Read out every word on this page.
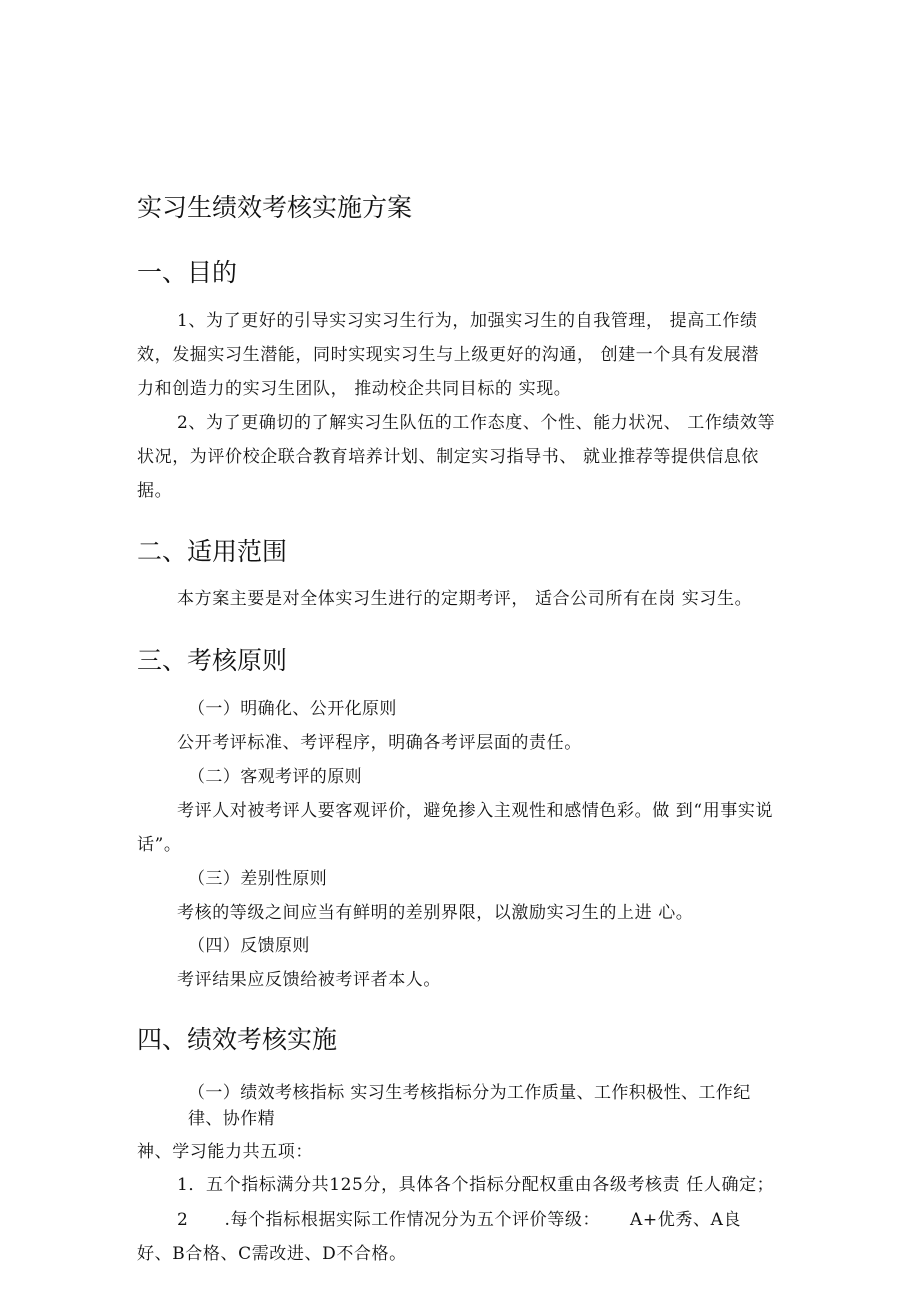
实习生绩效考核实施方案
一、目的
1、为了更好的引导实习实习生行为，加强实习生的自我管理， 提高工作绩
效，发掘实习生潜能，同时实现实习生与上级更好的沟通， 创建一个具有发展潜
力和创造力的实习生团队， 推动校企共同目标的 实现。
2、为了更确切的了解实习生队伍的工作态度、个性、能力状况、 工作绩效等
状况，为评价校企联合教育培养计划、制定实习指导书、 就业推荐等提供信息依
据。
二、适用范围
本方案主要是对全体实习生进行的定期考评， 适合公司所有在岗 实习生。
三、考核原则
（一）明确化、公开化原则
公开考评标准、考评程序，明确各考评层面的责任。
（二）客观考评的原则
考评人对被考评人要客观评价，避免掺入主观性和感情色彩。做 到“用事实说
话”。
（三）差别性原则
考核的等级之间应当有鲜明的差别界限，以激励实习生的上进 心。
（四）反馈原则
考评结果应反馈给被考评者本人。
四、绩效考核实施
（一）绩效考核指标 实习生考核指标分为工作质量、工作积极性、工作纪
律、协作精
神、学习能力共五项：
1．五个指标满分共125分，具体各个指标分配权重由各级考核责 任人确定；
2      .每个指标根据实际工作情况分为五个评价等级：     A+优秀、A良
好、B合格、C需改进、D不合格。
